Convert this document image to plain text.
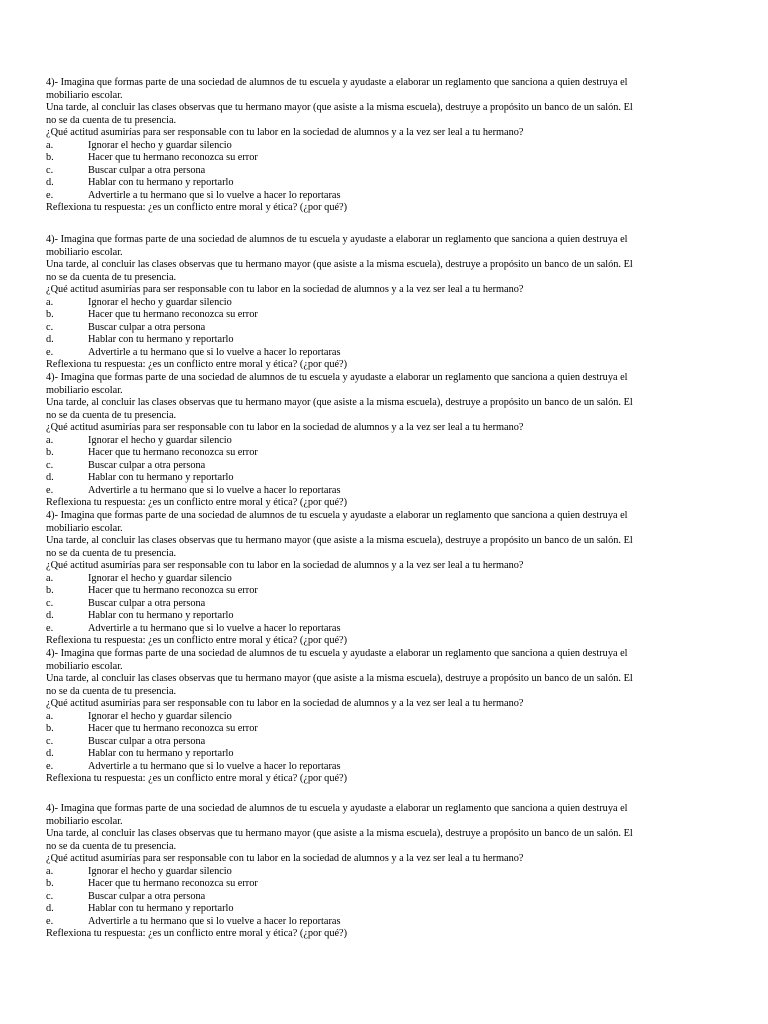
4)- Imagina que formas parte de una sociedad de alumnos de tu escuela y ayudaste a elaborar un reglamento que sanciona a quien destruya el
mobiliario escolar.
Una tarde, al concluir las clases observas que tu hermano mayor (que asiste a la misma escuela), destruye a propósito un banco de un salón. El
no se da cuenta de tu presencia.
¿Qué actitud asumirías para ser responsable con tu labor en la sociedad de alumnos y a la vez ser leal a tu hermano?
a.	Ignorar el hecho y guardar silencio
b.	Hacer que tu hermano reconozca su error
c.	Buscar culpar a otra persona
d.	Hablar con tu hermano y reportarlo
e.	Advertirle a tu hermano que si lo vuelve a hacer lo reportaras
Reflexiona tu respuesta: ¿es un conflicto entre moral y ética? (¿por qué?)
4)- Imagina que formas parte de una sociedad de alumnos de tu escuela y ayudaste a elaborar un reglamento que sanciona a quien destruya el
mobiliario escolar.
Una tarde, al concluir las clases observas que tu hermano mayor (que asiste a la misma escuela), destruye a propósito un banco de un salón. El
no se da cuenta de tu presencia.
¿Qué actitud asumirías para ser responsable con tu labor en la sociedad de alumnos y a la vez ser leal a tu hermano?
a.	Ignorar el hecho y guardar silencio
b.	Hacer que tu hermano reconozca su error
c.	Buscar culpar a otra persona
d.	Hablar con tu hermano y reportarlo
e.	Advertirle a tu hermano que si lo vuelve a hacer lo reportaras
Reflexiona tu respuesta: ¿es un conflicto entre moral y ética? (¿por qué?)
4)- Imagina que formas parte de una sociedad de alumnos de tu escuela y ayudaste a elaborar un reglamento que sanciona a quien destruya el
mobiliario escolar.
Una tarde, al concluir las clases observas que tu hermano mayor (que asiste a la misma escuela), destruye a propósito un banco de un salón. El
no se da cuenta de tu presencia.
¿Qué actitud asumirías para ser responsable con tu labor en la sociedad de alumnos y a la vez ser leal a tu hermano?
a.	Ignorar el hecho y guardar silencio
b.	Hacer que tu hermano reconozca su error
c.	Buscar culpar a otra persona
d.	Hablar con tu hermano y reportarlo
e.	Advertirle a tu hermano que si lo vuelve a hacer lo reportaras
Reflexiona tu respuesta: ¿es un conflicto entre moral y ética? (¿por qué?)
4)- Imagina que formas parte de una sociedad de alumnos de tu escuela y ayudaste a elaborar un reglamento que sanciona a quien destruya el
mobiliario escolar.
Una tarde, al concluir las clases observas que tu hermano mayor (que asiste a la misma escuela), destruye a propósito un banco de un salón. El
no se da cuenta de tu presencia.
¿Qué actitud asumirías para ser responsable con tu labor en la sociedad de alumnos y a la vez ser leal a tu hermano?
a.	Ignorar el hecho y guardar silencio
b.	Hacer que tu hermano reconozca su error
c.	Buscar culpar a otra persona
d.	Hablar con tu hermano y reportarlo
e.	Advertirle a tu hermano que si lo vuelve a hacer lo reportaras
Reflexiona tu respuesta: ¿es un conflicto entre moral y ética? (¿por qué?)
4)- Imagina que formas parte de una sociedad de alumnos de tu escuela y ayudaste a elaborar un reglamento que sanciona a quien destruya el
mobiliario escolar.
Una tarde, al concluir las clases observas que tu hermano mayor (que asiste a la misma escuela), destruye a propósito un banco de un salón. El
no se da cuenta de tu presencia.
¿Qué actitud asumirías para ser responsable con tu labor en la sociedad de alumnos y a la vez ser leal a tu hermano?
a.	Ignorar el hecho y guardar silencio
b.	Hacer que tu hermano reconozca su error
c.	Buscar culpar a otra persona
d.	Hablar con tu hermano y reportarlo
e.	Advertirle a tu hermano que si lo vuelve a hacer lo reportaras
Reflexiona tu respuesta: ¿es un conflicto entre moral y ética? (¿por qué?)
4)- Imagina que formas parte de una sociedad de alumnos de tu escuela y ayudaste a elaborar un reglamento que sanciona a quien destruya el
mobiliario escolar.
Una tarde, al concluir las clases observas que tu hermano mayor (que asiste a la misma escuela), destruye a propósito un banco de un salón. El
no se da cuenta de tu presencia.
¿Qué actitud asumirías para ser responsable con tu labor en la sociedad de alumnos y a la vez ser leal a tu hermano?
a.	Ignorar el hecho y guardar silencio
b.	Hacer que tu hermano reconozca su error
c.	Buscar culpar a otra persona
d.	Hablar con tu hermano y reportarlo
e.	Advertirle a tu hermano que si lo vuelve a hacer lo reportaras
Reflexiona tu respuesta: ¿es un conflicto entre moral y ética? (¿por qué?)
